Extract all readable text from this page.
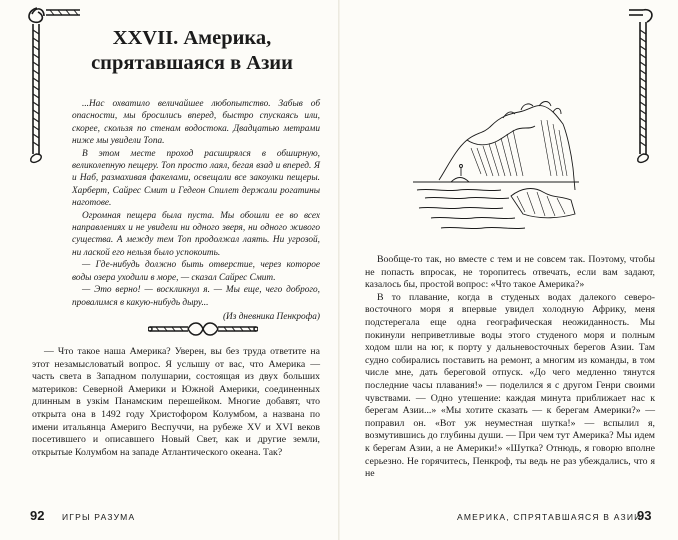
XXVII. Америка,
спрятавшаяся в Азии

...Нас охватило величайшее любопытство. Забыв об опасности, мы бросились вперед, быстро спускаясь или, скорее, скользя по стенам водостока. Двадцатью метрами ниже мы увидели Топа.

В этом месте проход расширялся в обширную, великолепную пещеру. Топ просто лаял, бегая взад и вперед. Я и Наб, размахивая факелами, освещали все закоулки пещеры. Харберт, Сайрес Смит и Гедеон Спилет держали рогатины наготове.

Огромная пещера была пуста. Мы обошли ее во всех направлениях и не увидели ни одного зверя, ни одного живого существа. А между тем Топ продолжал лаять. Ни угрозой, ни лаской его нельзя было успокоить.

— Где-нибудь должно быть отверстие, через которое воды озера уходили в море, — сказал Сайрес Смит.

— Это верно! — воскликнул я. — Мы еще, чего доброго, провалимся в какую-нибудь дыру...

(Из дневника Пенкрофа)

— Что такое наша Америка? Уверен, вы без труда ответите на этот незамысловатый вопрос. Я услышу от вас, что Америка — часть света в Западном полушарии, состоящая из двух больших материков: Северной Америки и Южной Америки, соединенных длинным в узкім Панамским перешейком. Многие добавят, что открыта она в 1492 году Христофором Колумбом, а названа по имени итальянца Америго Веспуччи, на рубеже XV и XVI веков посетившего и описавшего Новый Свет, как и другие земли, открытые Колумбом на западе Атлантического океана. Так?

92 ИГРЫ РАЗУМА

Вообще-то так, но вместе с тем и не совсем так. Поэтому, чтобы не попасть впросак, не торопитесь отвечать, если вам задают, казалось бы, простой вопрос: «Что такое Америка?»

В то плавание, когда в студеных водах далекого северо-восточного моря я впервые увидел холодную Африку, меня подстерегала еще одна географическая неожиданность. Мы покинули неприветливые воды этого студеного моря и полным ходом шли на юг, к порту у дальневосточных берегов Азии. Там судно собирались поставить на ремонт, а многим из команды, в том числе мне, дать береговой отпуск. «До чего медленно тянутся последние часы плавания!» — поделился я с другом Генри своими чувствами. — Одно утешение: каждая минута приближает нас к берегам Азии...» «Мы хотите сказать — к берегам Америки?» — поправил он. «Вот уж неуместная шутка!» — вспылил я, возмутившись до глубины души. — При чем тут Америка? Мы идем к берегам Азии, а не Америки!» «Шутка? Отнюдь, я говорю вполне серьезно. Не горячитесь, Пенкроф, ты ведь не раз убеждались, что я не

АМЕРИКА, СПРЯТАВШАЯСЯ В АЗИИ
93
